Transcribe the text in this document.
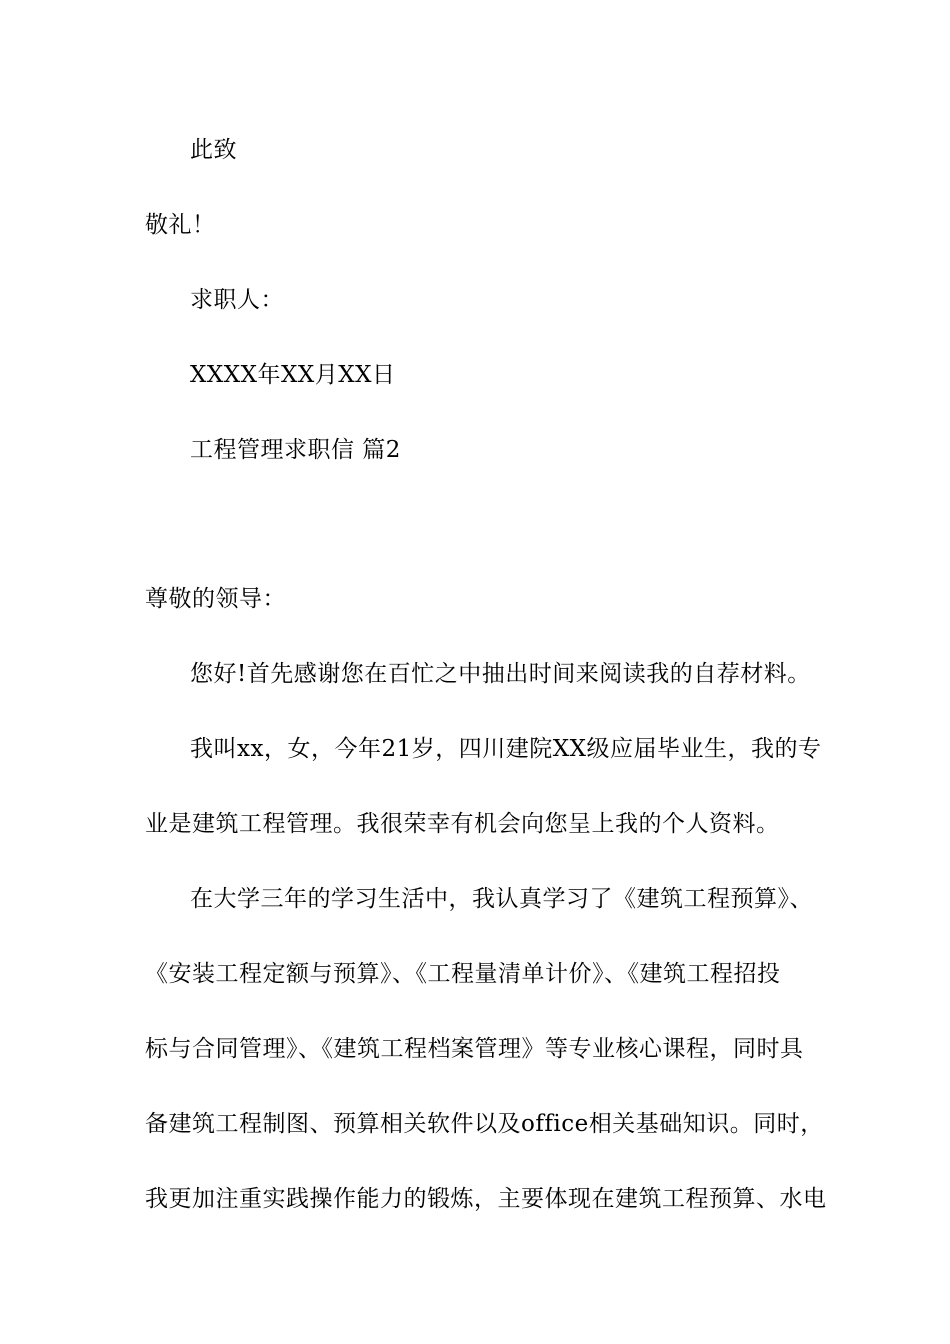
此致
敬礼！
求职人：
XXXX年XX月XX日
工程管理求职信 篇2
尊敬的领导：
您好!首先感谢您在百忙之中抽出时间来阅读我的自荐材料。
我叫xx，女，今年21岁，四川建院XX级应届毕业生，我的专
业是建筑工程管理。我很荣幸有机会向您呈上我的个人资料。
在大学三年的学习生活中，我认真学习了《建筑工程预算》、
《安装工程定额与预算》、《工程量清单计价》、《建筑工程招投
标与合同管理》、《建筑工程档案管理》等专业核心课程，同时具
备建筑工程制图、预算相关软件以及office相关基础知识。同时，
我更加注重实践操作能力的锻炼，主要体现在建筑工程预算、水电
